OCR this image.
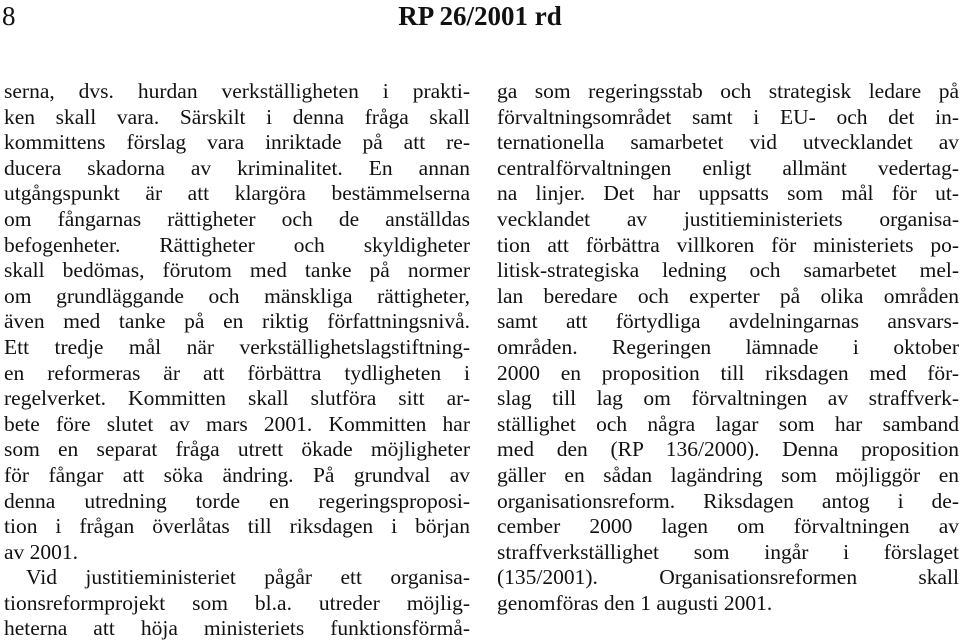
8	RP 26/2001 rd
serna, dvs. hurdan verkställigheten i prakti-
ken skall vara. Särskilt i denna fråga skall
kommittens förslag vara inriktade på att re-
ducera skadorna av kriminalitet. En annan
utgångspunkt är att klargöra bestämmelserna
om fångarnas rättigheter och de anställdas
befogenheter. Rättigheter och skyldigheter
skall bedömas, förutom med tanke på normer
om grundläggande och mänskliga rättigheter,
även med tanke på en riktig författningsnivå.
Ett tredje mål när verkställighetslagstiftning-
en reformeras är att förbättra tydligheten i
regelverket. Kommitten skall slutföra sitt ar-
bete före slutet av mars 2001. Kommitten har
som en separat fråga utrett ökade möjligheter
för fångar att söka ändring. På grundval av
denna utredning torde en regeringsproposi-
tion i frågan överlåtas till riksdagen i början
av 2001.
Vid justitieministeriet pågår ett organisa-
tionsreformprojekt som bl.a. utreder möjlig-
heterna att höja ministeriets funktionsförmå-
ga som regeringsstab och strategisk ledare på
förvaltningsområdet samt i EU- och det in-
ternationella samarbetet vid utvecklandet av
centralförvaltningen enligt allmänt vedertag-
na linjer. Det har uppsatts som mål för ut-
vecklandet av justitieministeriets organisa-
tion att förbättra villkoren för ministeriets po-
litisk-strategiska ledning och samarbetet mel-
lan beredare och experter på olika områden
samt att förtydliga avdelningarnas ansvars-
områden. Regeringen lämnade i oktober
2000 en proposition till riksdagen med för-
slag till lag om förvaltningen av straffverk-
ställighet och några lagar som har samband
med den (RP 136/2000). Denna proposition
gäller en sådan lagändring som möjliggör en
organisationsreform. Riksdagen antog i de-
cember 2000 lagen om förvaltningen av
straffverkställighet som ingår i förslaget
(135/2001). Organisationsreformen skall
genomföras den 1 augusti 2001.
